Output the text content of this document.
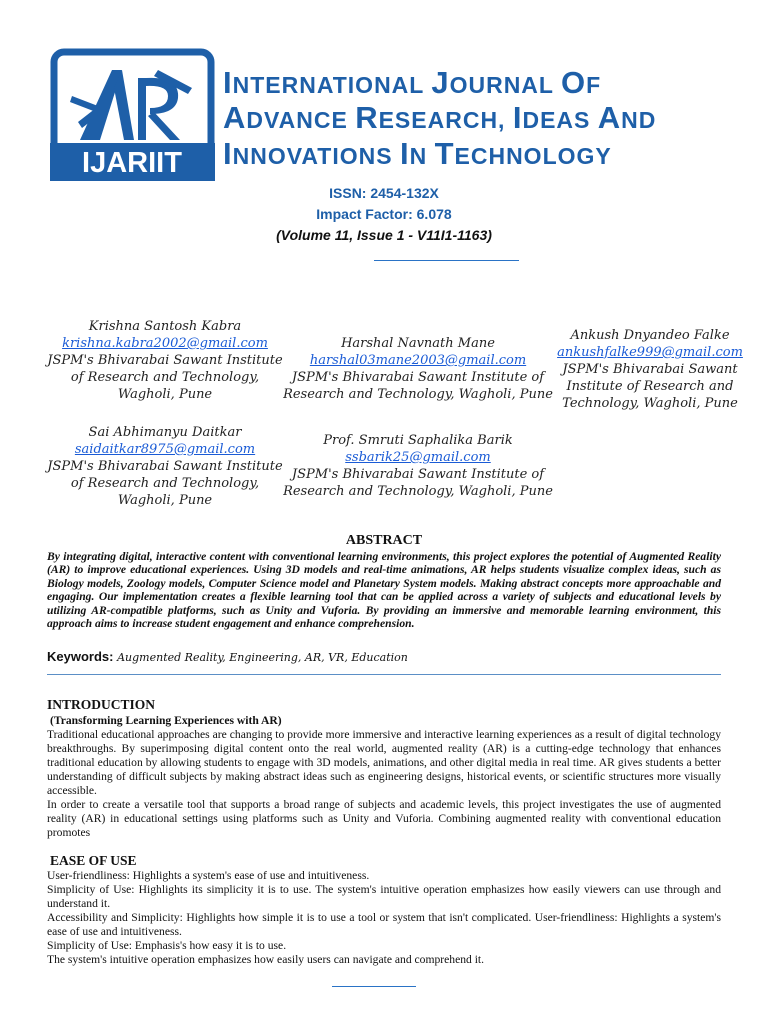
IJARIIT
INTERNATIONAL JOURNAL OF
ADVANCE RESEARCH, IDEAS AND
INNOVATIONS IN TECHNOLOGY
ISSN: 2454-132X
Impact Factor: 6.078
(Volume 11, Issue 1 - V11I1-1163)
Krishna Santosh Kabra
krishna.kabra2002@gmail.com
JSPM's Bhivarabai Sawant Institute
of Research and Technology,
Wagholi, Pune
Harshal Navnath Mane
harshal03mane2003@gmail.com
JSPM's Bhivarabai Sawant Institute of
Research and Technology, Wagholi, Pune
Ankush Dnyandeo Falke
ankushfalke999@gmail.com
JSPM's Bhivarabai Sawant
Institute of Research and
Technology, Wagholi, Pune
Sai Abhimanyu Daitkar
saidaitkar8975@gmail.com
JSPM's Bhivarabai Sawant Institute
of Research and Technology,
Wagholi, Pune
Prof. Smruti Saphalika Barik
ssbarik25@gmail.com
JSPM's Bhivarabai Sawant Institute of
Research and Technology, Wagholi, Pune
ABSTRACT
By integrating digital, interactive content with conventional learning environments, this project explores the potential of Augmented Reality (AR) to improve educational experiences. Using 3D models and real-time animations, AR helps students visualize complex ideas, such as Biology models, Zoology models, Computer Science model and Planetary System models. Making abstract concepts more approachable and engaging. Our implementation creates a flexible learning tool that can be applied across a variety of subjects and educational levels by utilizing AR-compatible platforms, such as Unity and Vuforia. By providing an immersive and memorable learning environment, this approach aims to increase student engagement and enhance comprehension.
Keywords: Augmented Reality, Engineering, AR, VR, Education
INTRODUCTION
(Transforming Learning Experiences with AR)

Traditional educational approaches are changing to provide more immersive and interactive learning experiences as a result of digital technology breakthroughs. By superimposing digital content onto the real world, augmented reality (AR) is a cutting-edge technology that enhances traditional education by allowing students to engage with 3D models, animations, and other digital media in real time. AR gives students a better understanding of difficult subjects by making abstract ideas such as engineering designs, historical events, or scientific structures more visually accessible.

In order to create a versatile tool that supports a broad range of subjects and academic levels, this project investigates the use of augmented reality (AR) in educational settings using platforms such as Unity and Vuforia. Combining augmented reality with conventional education promotes

EASE OF USE
User-friendliness: Highlights a system's ease of use and intuitiveness.

Simplicity of Use: Highlights its simplicity it is to use. The system's intuitive operation emphasizes how easily viewers can use through and understand it.

Accessibility and Simplicity: Highlights how simple it is to use a tool or system that isn't complicated. User-friendliness: Highlights a system's ease of use and intuitiveness.

Simplicity of Use: Emphasis's how easy it is to use.
The system's intuitive operation emphasizes how easily users can navigate and comprehend it.
